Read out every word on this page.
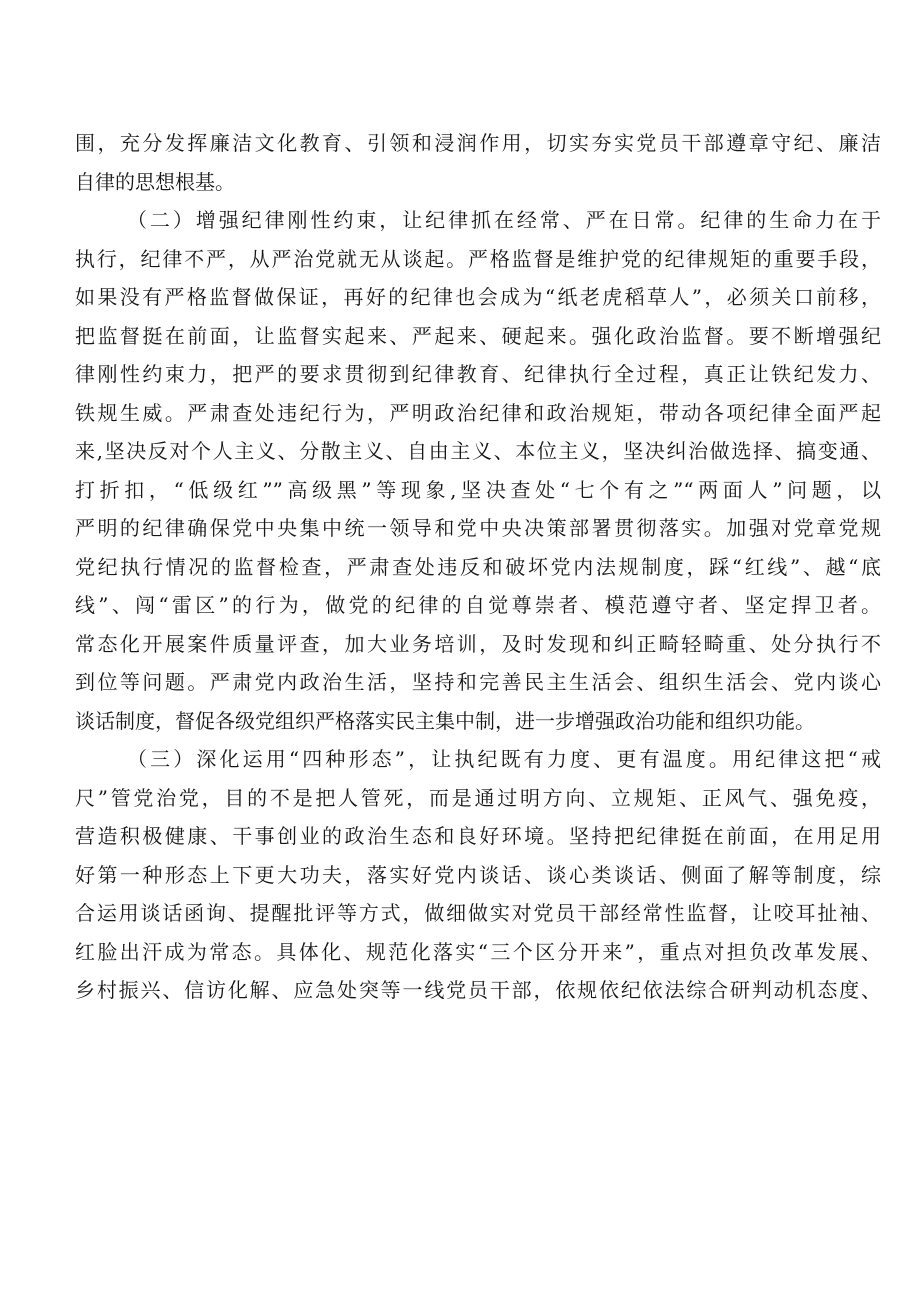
围，充分发挥廉洁文化教育、引领和浸润作用，切实夯实党员干部遵章守纪、廉洁
自律的思想根基。
（二）增强纪律刚性约束，让纪律抓在经常、严在日常。纪律的生命力在于
执行，纪律不严，从严治党就无从谈起。严格监督是维护党的纪律规矩的重要手段，
如果没有严格监督做保证，再好的纪律也会成为“纸老虎稻草人”，必须关口前移，
把监督挺在前面，让监督实起来、严起来、硬起来。强化政治监督。要不断增强纪
律刚性约束力，把严的要求贯彻到纪律教育、纪律执行全过程，真正让铁纪发力、
铁规生威。严肃查处违纪行为，严明政治纪律和政治规矩，带动各项纪律全面严起
来,坚决反对个人主义、分散主义、自由主义、本位主义，坚决纠治做选择、搞变通、
打折扣，“低级红””高级黑”等现象,坚决查处“七个有之”“两面人”问题，以
严明的纪律确保党中央集中统一领导和党中央决策部署贯彻落实。加强对党章党规
党纪执行情况的监督检查，严肃查处违反和破坏党内法规制度，踩“红线”、越“底
线”、闯“雷区”的行为，做党的纪律的自觉尊崇者、模范遵守者、坚定捍卫者。
常态化开展案件质量评查，加大业务培训，及时发现和纠正畸轻畸重、处分执行不
到位等问题。严肃党内政治生活，坚持和完善民主生活会、组织生活会、党内谈心
谈话制度，督促各级党组织严格落实民主集中制，进一步增强政治功能和组织功能。
（三）深化运用“四种形态”，让执纪既有力度、更有温度。用纪律这把“戒
尺”管党治党，目的不是把人管死，而是通过明方向、立规矩、正风气、强免疫，
营造积极健康、干事创业的政治生态和良好环境。坚持把纪律挺在前面，在用足用
好第一种形态上下更大功夫，落实好党内谈话、谈心类谈话、侧面了解等制度，综
合运用谈话函询、提醒批评等方式，做细做实对党员干部经常性监督，让咬耳扯袖、
红脸出汗成为常态。具体化、规范化落实“三个区分开来”，重点对担负改革发展、
乡村振兴、信访化解、应急处突等一线党员干部，依规依纪依法综合研判动机态度、
